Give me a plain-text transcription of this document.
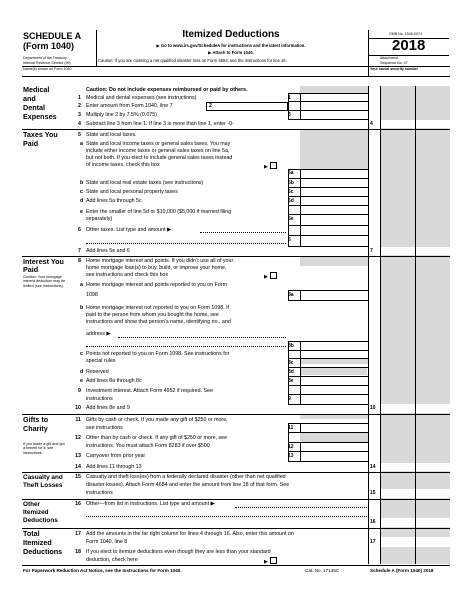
SCHEDULE A
(Form 1040)
Department of the Treasury
Internal Revenue Service (99)
Itemized Deductions
▶ Go to www.irs.gov/ScheduleA for instructions and the latest information.
▶ Attach to Form 1040.
Caution: If you are claiming a net qualified disaster loss on Form 4684, see the instructions for line 16.
OMB No. 1545-0074
2018
Attachment
Sequence No. 07
Name(s) shown on Form 1040	Your social security number
Medical
and
Dental
Expenses
Caution: Do not include expenses reimbursed or paid by others.
1 Medical and dental expenses (see instructions)	1
2 Enter amount from Form 1040, line 7	2
3 Multiply line 2 by 7.5% (0.075)	3
4 Subtract line 3 from line 1. If line 3 is more than line 1, enter -0-	4
Taxes You
Paid
5 State and local taxes.
a State and local income taxes or general sales taxes. You may
include either income taxes or general sales taxes on line 5a,
but not both. If you elect to include general sales taxes instead
of income taxes, check this box	▶
5a
b State and local real estate taxes (see instructions)	5b
c State and local personal property taxes	5c
d Add lines 5a through 5c	5d
e Enter the smaller of line 5d or $10,000 ($5,000 if married filing
separately)	5e
6 Other taxes. List type and amount ▶
6
7 Add lines 5e and 6	7
Interest You
Paid
Caution: Your mortgage interest deduction may be limited (see instructions).
8 Home mortgage interest and points. If you didn’t use all of your
home mortgage loan(s) to buy, build, or improve your home,
see instructions and check this box	▶
a Home mortgage interest and points reported to you on Form
1098	8a
b Home mortgage interest not reported to you on Form 1098. If
paid to the person from whom you bought the home, see
instructions and show that person’s name, identifying no., and
address ▶
8b
c Points not reported to you on Form 1098. See instructions for
special rules	8c
d Reserved	8d
e Add lines 8a through 8c	8e
9 Investment interest. Attach Form 4952 if required. See
instructions	9
10 Add lines 8e and 9	10
Gifts to
Charity
If you made a gift and got a benefit for it, see instructions.
11 Gifts by cash or check. If you made any gift of $250 or more,
see instructions	11
12 Other than by cash or check. If any gift of $250 or more, see
instructions. You must attach Form 8283 if over $500	12
13 Carryover from prior year	13
14 Add lines 11 through 13	14
Casualty and
Theft Losses
15 Casualty and theft loss(es) from a federally declared disaster (other than net qualified
disaster losses). Attach Form 4684 and enter the amount from line 18 of that form. See
instructions	15
Other
Itemized
Deductions
16 Other—from list in instructions. List type and amount ▶
16
Total
Itemized
Deductions
17 Add the amounts in the far right column for lines 4 through 16. Also, enter this amount on
Form 1040, line 8	17
18 If you elect to itemize deductions even though they are less than your standard
deduction, check here	▶
For Paperwork Reduction Act Notice, see the Instructions for Form 1040.	Cat. No. 17145C	Schedule A (Form 1040) 2018
